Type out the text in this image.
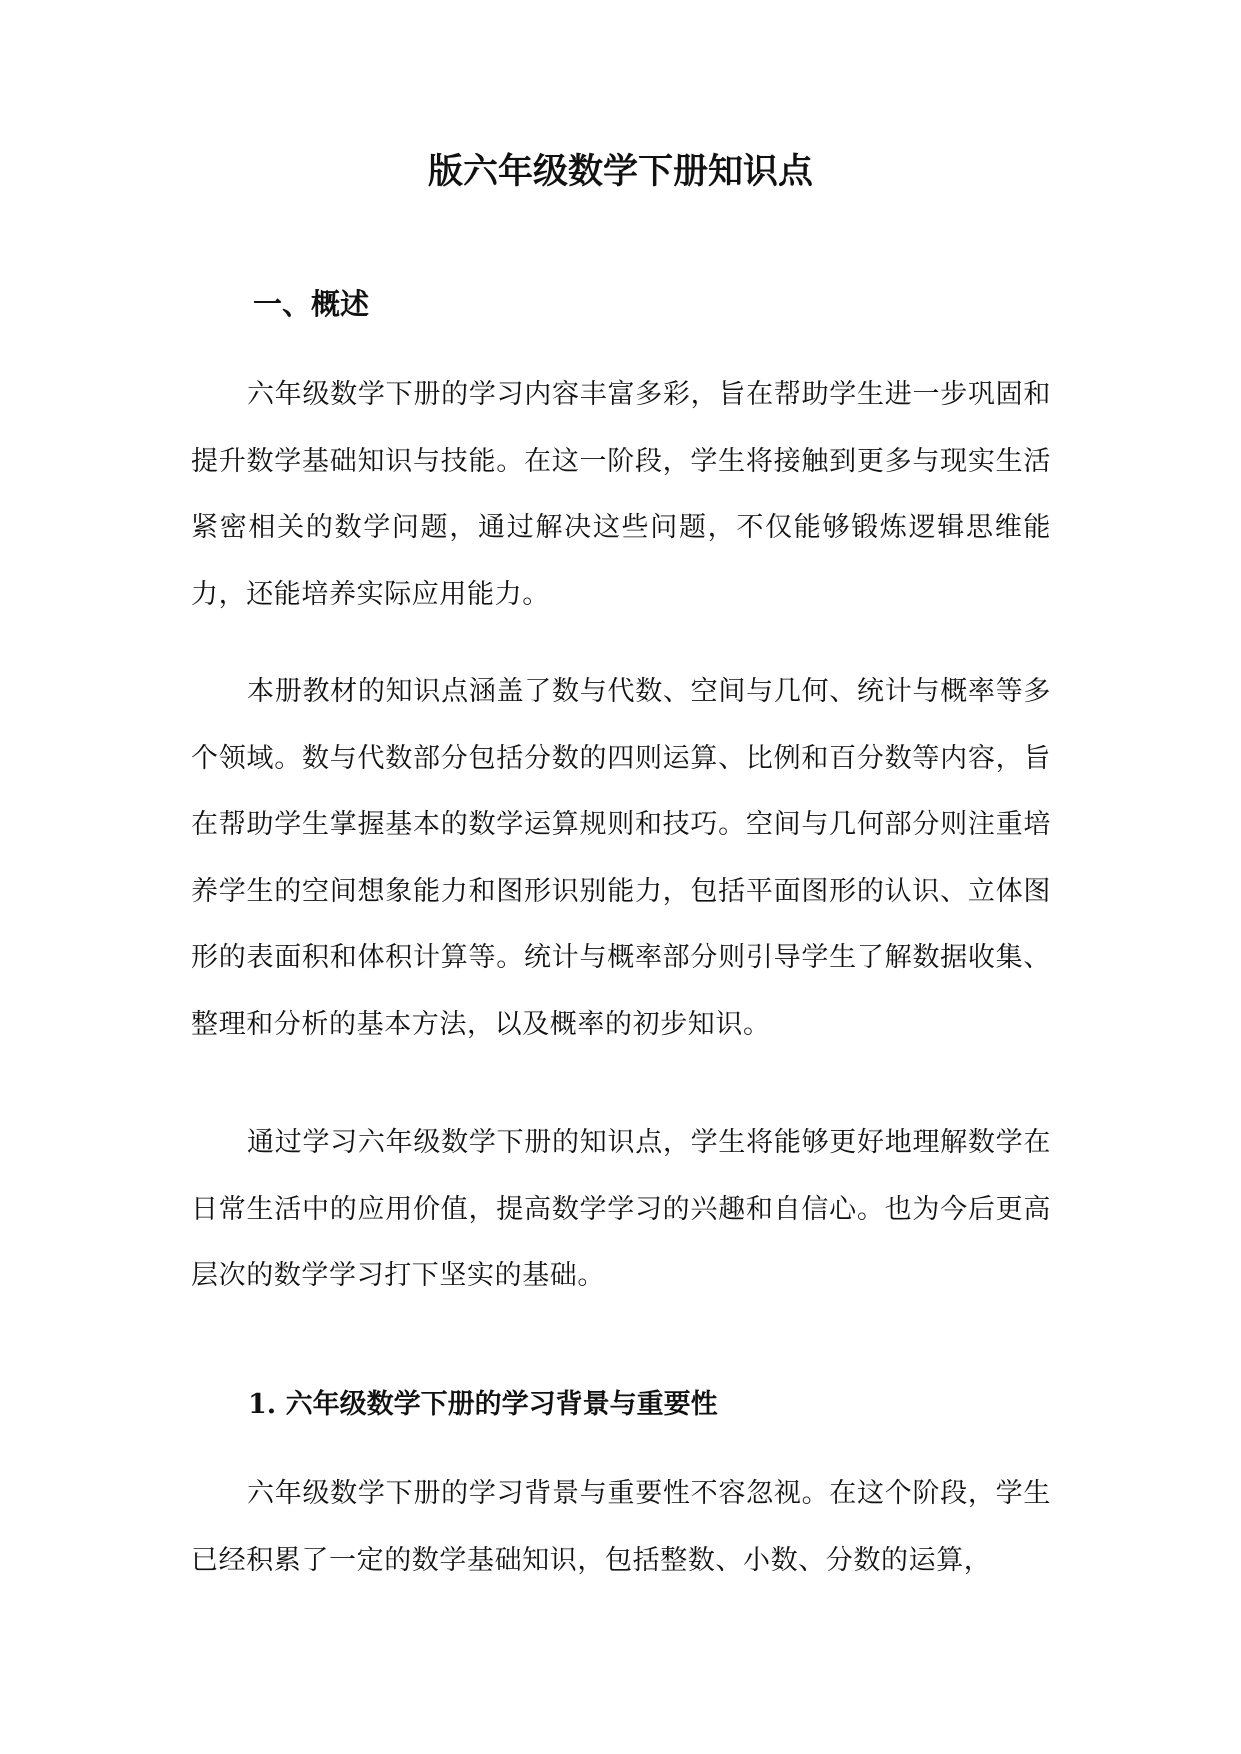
版六年级数学下册知识点
一、概述

六年级数学下册的学习内容丰富多彩，旨在帮助学生进一步巩固和提升数学基础知识与技能。在这一阶段，学生将接触到更多与现实生活紧密相关的数学问题，通过解决这些问题，不仅能够锻炼逻辑思维能力，还能培养实际应用能力。

本册教材的知识点涵盖了数与代数、空间与几何、统计与概率等多个领域。数与代数部分包括分数的四则运算、比例和百分数等内容，旨在帮助学生掌握基本的数学运算规则和技巧。空间与几何部分则注重培养学生的空间想象能力和图形识别能力，包括平面图形的认识、立体图形的表面积和体积计算等。统计与概率部分则引导学生了解数据收集、整理和分析的基本方法，以及概率的初步知识。

通过学习六年级数学下册的知识点，学生将能够更好地理解数学在日常生活中的应用价值，提高数学学习的兴趣和自信心。也为今后更高层次的数学学习打下坚实的基础。

1. 六年级数学下册的学习背景与重要性

六年级数学下册的学习背景与重要性不容忽视。在这个阶段，学生已经积累了一定的数学基础知识，包括整数、小数、分数的运算，
